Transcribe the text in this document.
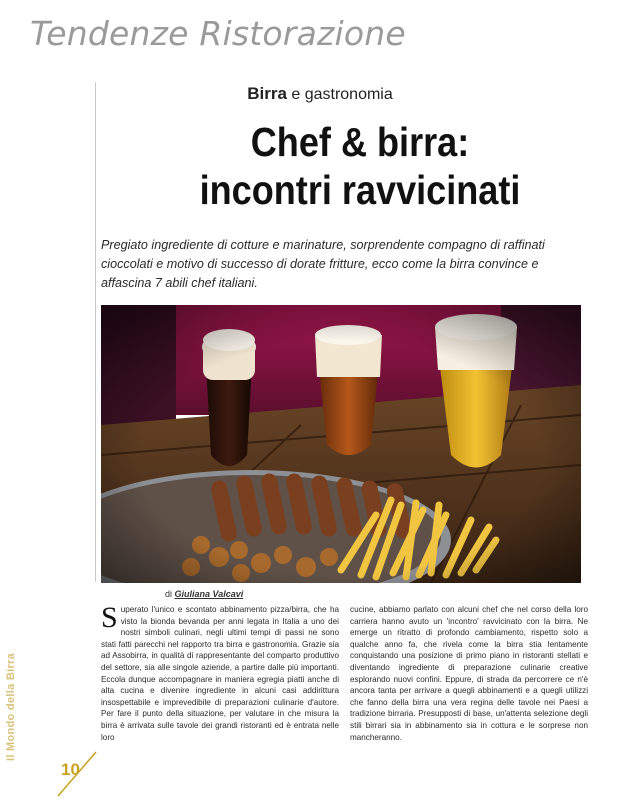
Tendenze Ristorazione
Birra e gastronomia
Chef & birra:
incontri ravvicinati

Pregiato ingrediente di cotture e marinature, sorprendente compagno di raffinati cioccolati e motivo di successo di dorate fritture, ecco come la birra convince e affascina 7 abili chef italiani.

di Giuliana Valcavi

Superato l'unico e scontato abbinamento pizza/birra, che ha visto la bionda bevanda per anni legata in Italia a uno dei nostri simboli culinari, negli ultimi tempi di passi ne sono stati fatti parecchi nel rapporto tra birra e gastronomia. Grazie sia ad Assobirra, in qualità di rappresentante del comparto produttivo del settore, sia alle singole aziende, a partire dalle più importanti. Eccola dunque accompagnare in maniera egregia piatti anche di alta cucina e divenire ingrediente in alcuni casi addirittura insospettabile e imprevedibile di preparazioni culinarie d'autore. Per fare il punto della situazione, per valutare in che misura la birra è arrivata sulle tavole dei grandi ristoranti ed è entrata nelle loro

cucine, abbiamo parlato con alcuni chef che nel corso della loro carriera hanno avuto un 'incontro' ravvicinato con la birra. Ne emerge un ritratto di profondo cambiamento, rispetto solo a qualche anno fa, che rivela come la birra stia lentamente conquistando una posizione di primo piano in ristoranti stellati e diventando ingrediente di preparazione culinarie creative esplorando nuovi confini. Eppure, di strada da percorrere ce n'è ancora tanta per arrivare a quegli abbinamenti e a quegli utilizzi che fanno della birra una vera regina delle tavole nei Paesi a tradizione birraria. Presupposti di base, un'attenta selezione degli stili birrari sia in abbinamento sia in cottura e le sorprese non mancheranno.

Il Mondo della Birra
10
